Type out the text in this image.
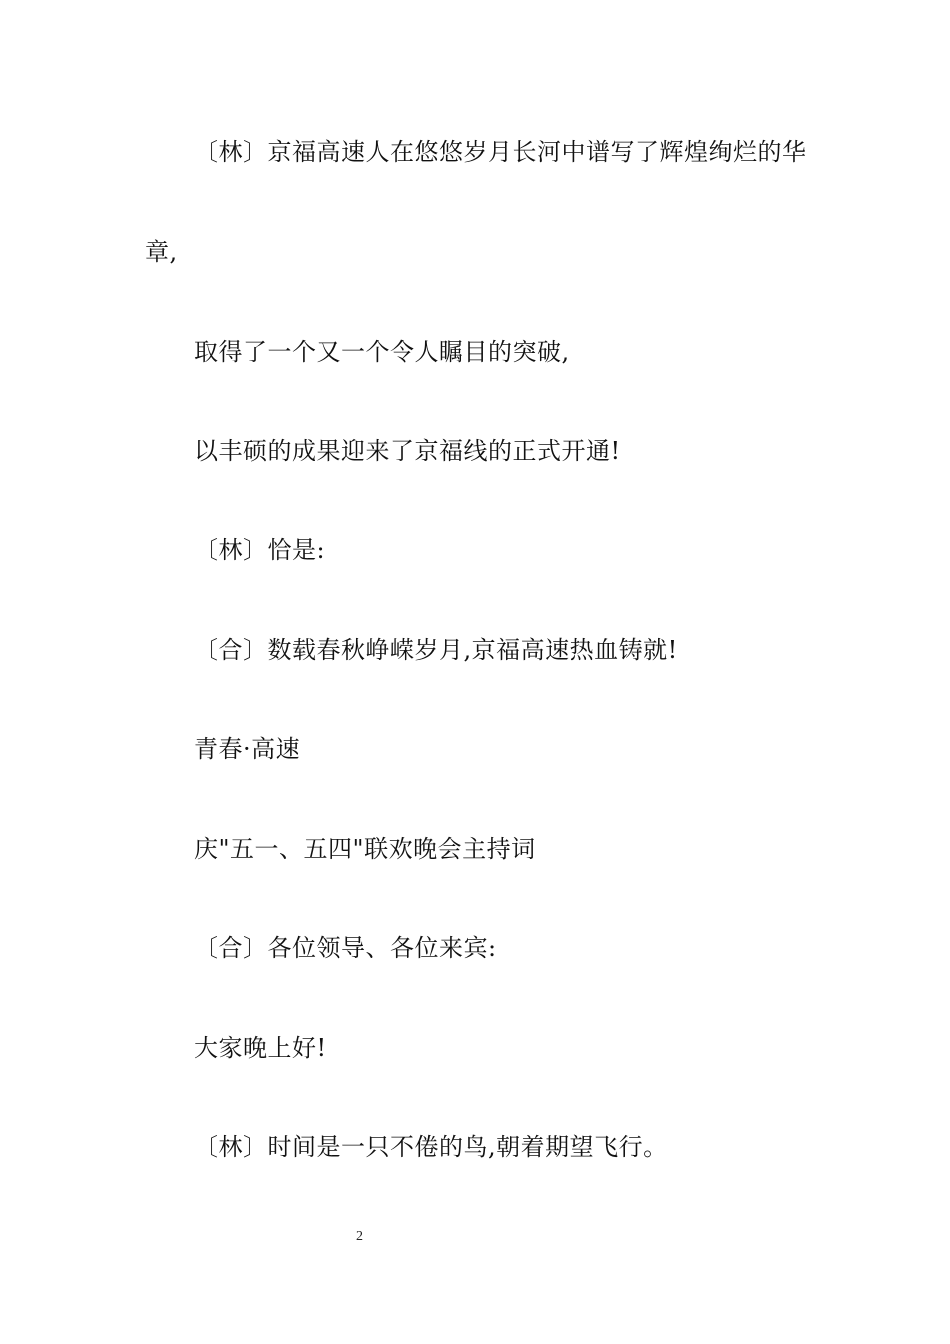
〔林〕京福高速人在悠悠岁月长河中谱写了辉煌绚烂的华
章,
取得了一个又一个令人瞩目的突破,
以丰硕的成果迎来了京福线的正式开通!
〔林〕恰是:
〔合〕数载春秋峥嵘岁月,京福高速热血铸就!
青春·高速
庆"五一、五四"联欢晚会主持词
〔合〕各位领导、各位来宾:
大家晚上好!
〔林〕时间是一只不倦的鸟,朝着期望飞行。
2
